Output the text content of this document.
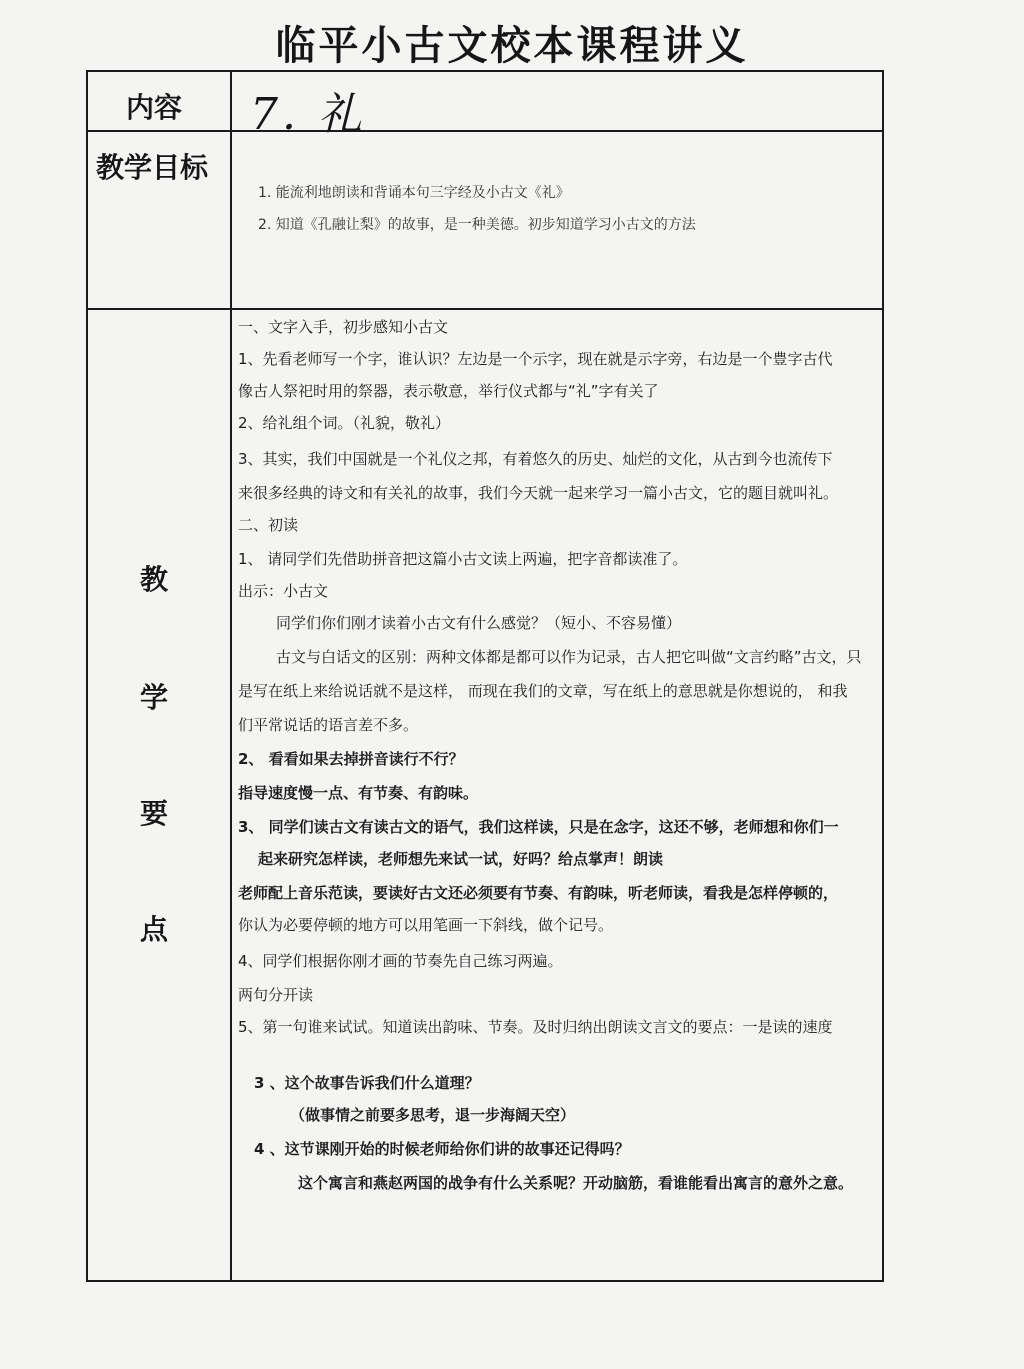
临平小古文校本课程讲义
内容 7. 礼
教学目标
1. 能流利地朗读和背诵本句三字经及小古文《礼》
2. 知道《孔融让梨》的故事，是一种美德。初步知道学习小古文的方法
教
学
要
点
一、文字入手，初步感知小古文
1、先看老师写一个字，谁认识？左边是一个示字，现在就是示字旁，右边是一个豊字古代
像古人祭祀时用的祭器，表示敬意，举行仪式都与“礼”字有关了
2、给礼组个词。（礼貌，敬礼）
3、其实，我们中国就是一个礼仪之邦，有着悠久的历史、灿烂的文化，从古到今也流传下
来很多经典的诗文和有关礼的故事，我们今天就一起来学习一篇小古文，它的题目就叫礼。
二、初读
1、 请同学们先借助拼音把这篇小古文读上两遍，把字音都读准了。
出示：小古文
同学们你们刚才读着小古文有什么感觉？（短小、不容易懂）
古文与白话文的区别：两种文体都是都可以作为记录，古人把它叫做“文言约略”古文，只
是写在纸上来给说话就不是这样， 而现在我们的文章，写在纸上的意思就是你想说的， 和我
们平常说话的语言差不多。
2、 看看如果去掉拼音读行不行？
指导速度慢一点、有节奏、有韵味。
3、 同学们读古文有读古文的语气，我们这样读，只是在念字，这还不够，老师想和你们一
起来研究怎样读，老师想先来试一试，好吗？给点掌声！朗读
老师配上音乐范读，要读好古文还必须要有节奏、有韵味，听老师读，看我是怎样停顿的，
你认为必要停顿的地方可以用笔画一下斜线，做个记号。
4、同学们根据你刚才画的节奏先自己练习两遍。
两句分开读
5、第一句谁来试试。知道读出韵味、节奏。及时归纳出朗读文言文的要点：一是读的速度
3 、这个故事告诉我们什么道理？
（做事情之前要多思考，退一步海阔天空）
4 、这节课刚开始的时候老师给你们讲的故事还记得吗？
这个寓言和燕赵两国的战争有什么关系呢？开动脑筋，看谁能看出寓言的意外之意。
